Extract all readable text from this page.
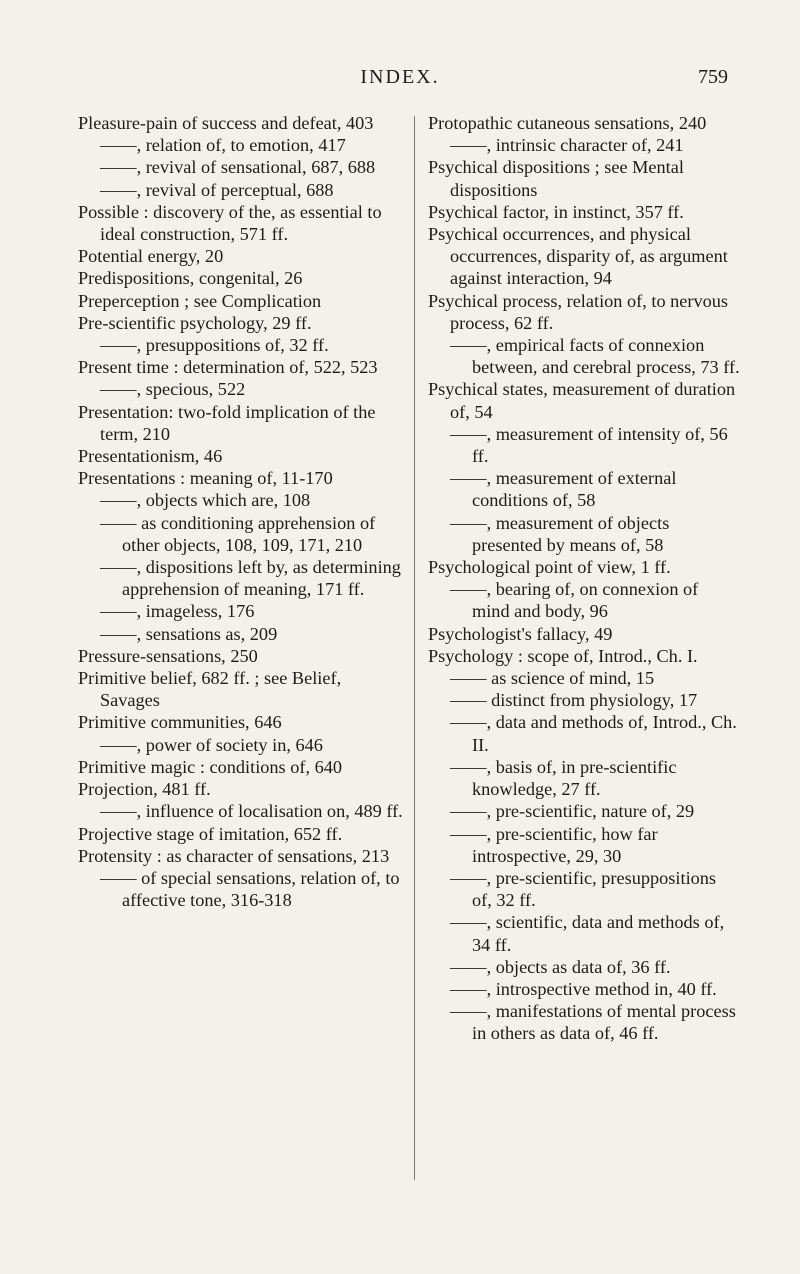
INDEX.	759

Pleasure-pain of success and defeat, 403

——, relation of, to emotion, 417

——, revival of sensational, 687, 688

——, revival of perceptual, 688

Possible : discovery of the, as essential to ideal construction, 571 ff.

Potential energy, 20

Predispositions, congenital, 26

Preperception ; see Complication

Pre-scientific psychology, 29 ff.

——, presuppositions of, 32 ff.

Present time : determination of, 522, 523

——, specious, 522

Presentation: two-fold implication of the term, 210

Presentationism, 46

Presentations : meaning of, 11-170

——, objects which are, 108

—— as conditioning apprehension of other objects, 108, 109, 171, 210

——, dispositions left by, as determining apprehension of meaning, 171 ff.

——, imageless, 176

——, sensations as, 209

Pressure-sensations, 250

Primitive belief, 682 ff. ; see Belief, Savages

Primitive communities, 646

——, power of society in, 646

Primitive magic : conditions of, 640

Projection, 481 ff.

——, influence of localisation on, 489 ff.

Projective stage of imitation, 652 ff.

Protensity : as character of sensations, 213

—— of special sensations, relation of, to affective tone, 316-318

Protopathic cutaneous sensations, 240

——, intrinsic character of, 241

Psychical dispositions ; see Mental dispositions

Psychical factor, in instinct, 357 ff.

Psychical occurrences, and physical occurrences, disparity of, as argument against interaction, 94

Psychical process, relation of, to nervous process, 62 ff.

——, empirical facts of connexion between, and cerebral process, 73 ff.

Psychical states, measurement of duration of, 54

——, measurement of intensity of, 56 ff.

——, measurement of external conditions of, 58

——, measurement of objects presented by means of, 58

Psychological point of view, 1 ff.

——, bearing of, on connexion of mind and body, 96

Psychologist's fallacy, 49

Psychology : scope of, Introd., Ch. I.

—— as science of mind, 15

—— distinct from physiology, 17

——, data and methods of, Introd., Ch. II.

——, basis of, in pre-scientific knowledge, 27 ff.

——, pre-scientific, nature of, 29

——, pre-scientific, how far introspective, 29, 30

——, pre-scientific, presuppositions of, 32 ff.

——, scientific, data and methods of, 34 ff.

——, objects as data of, 36 ff.

——, introspective method in, 40 ff.

——, manifestations of mental process in others as data of, 46 ff.
